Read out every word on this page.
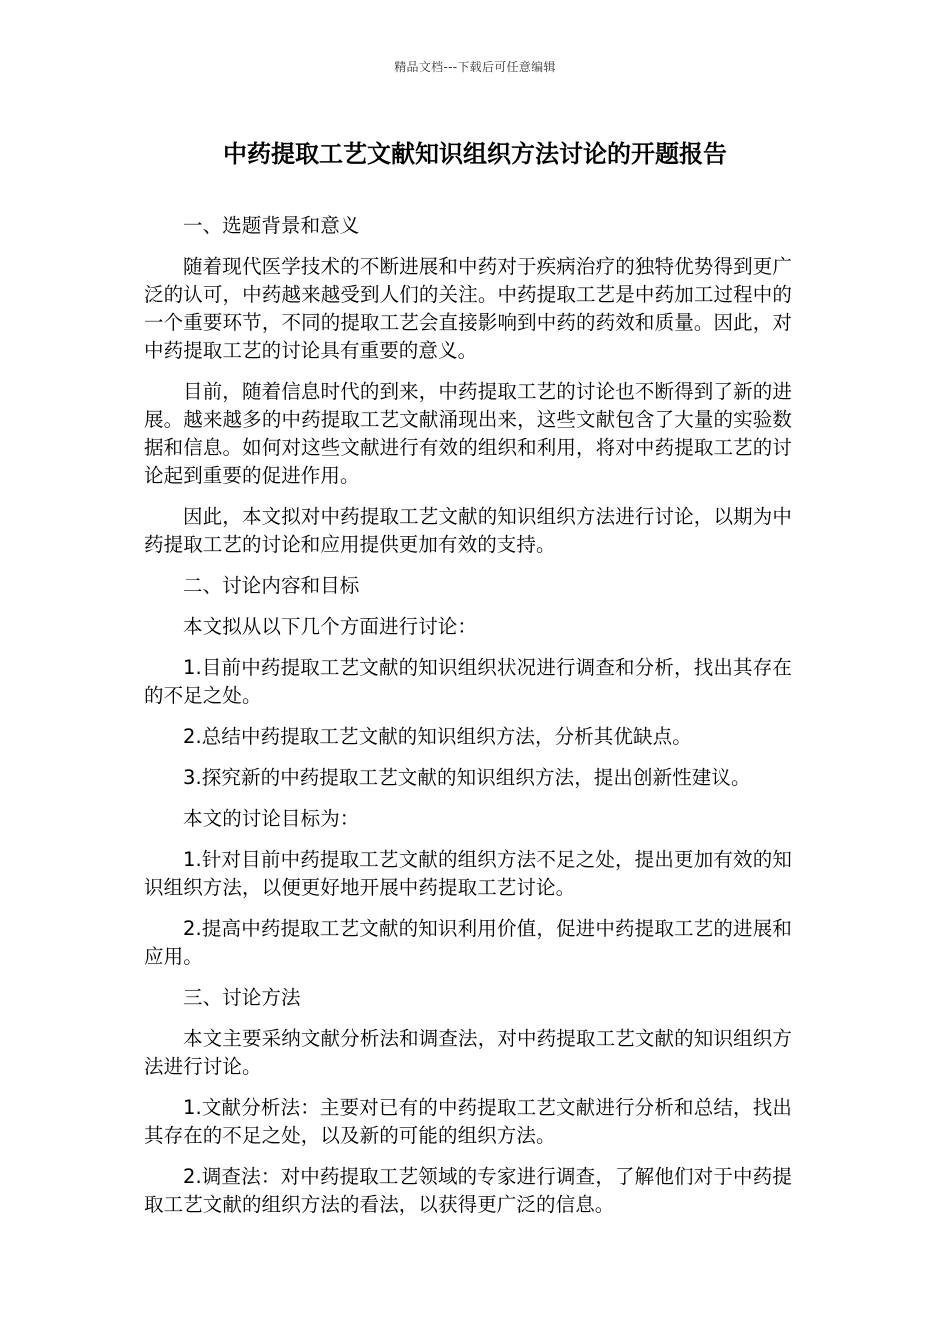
精品文档---下载后可任意编辑
中药提取工艺文献知识组织方法讨论的开题报告

一、选题背景和意义

随着现代医学技术的不断进展和中药对于疾病治疗的独特优势得到更广泛的认可，中药越来越受到人们的关注。中药提取工艺是中药加工过程中的一个重要环节，不同的提取工艺会直接影响到中药的药效和质量。因此，对中药提取工艺的讨论具有重要的意义。

目前，随着信息时代的到来，中药提取工艺的讨论也不断得到了新的进展。越来越多的中药提取工艺文献涌现出来，这些文献包含了大量的实验数据和信息。如何对这些文献进行有效的组织和利用，将对中药提取工艺的讨论起到重要的促进作用。

因此，本文拟对中药提取工艺文献的知识组织方法进行讨论，以期为中药提取工艺的讨论和应用提供更加有效的支持。

二、讨论内容和目标

本文拟从以下几个方面进行讨论：

1.目前中药提取工艺文献的知识组织状况进行调查和分析，找出其存在的不足之处。

2.总结中药提取工艺文献的知识组织方法，分析其优缺点。

3.探究新的中药提取工艺文献的知识组织方法，提出创新性建议。

本文的讨论目标为：

1.针对目前中药提取工艺文献的组织方法不足之处，提出更加有效的知识组织方法，以便更好地开展中药提取工艺讨论。

2.提高中药提取工艺文献的知识利用价值，促进中药提取工艺的进展和应用。

三、讨论方法

本文主要采纳文献分析法和调查法，对中药提取工艺文献的知识组织方法进行讨论。

1.文献分析法：主要对已有的中药提取工艺文献进行分析和总结，找出其存在的不足之处，以及新的可能的组织方法。

2.调查法：对中药提取工艺领域的专家进行调查，了解他们对于中药提取工艺文献的组织方法的看法，以获得更广泛的信息。
